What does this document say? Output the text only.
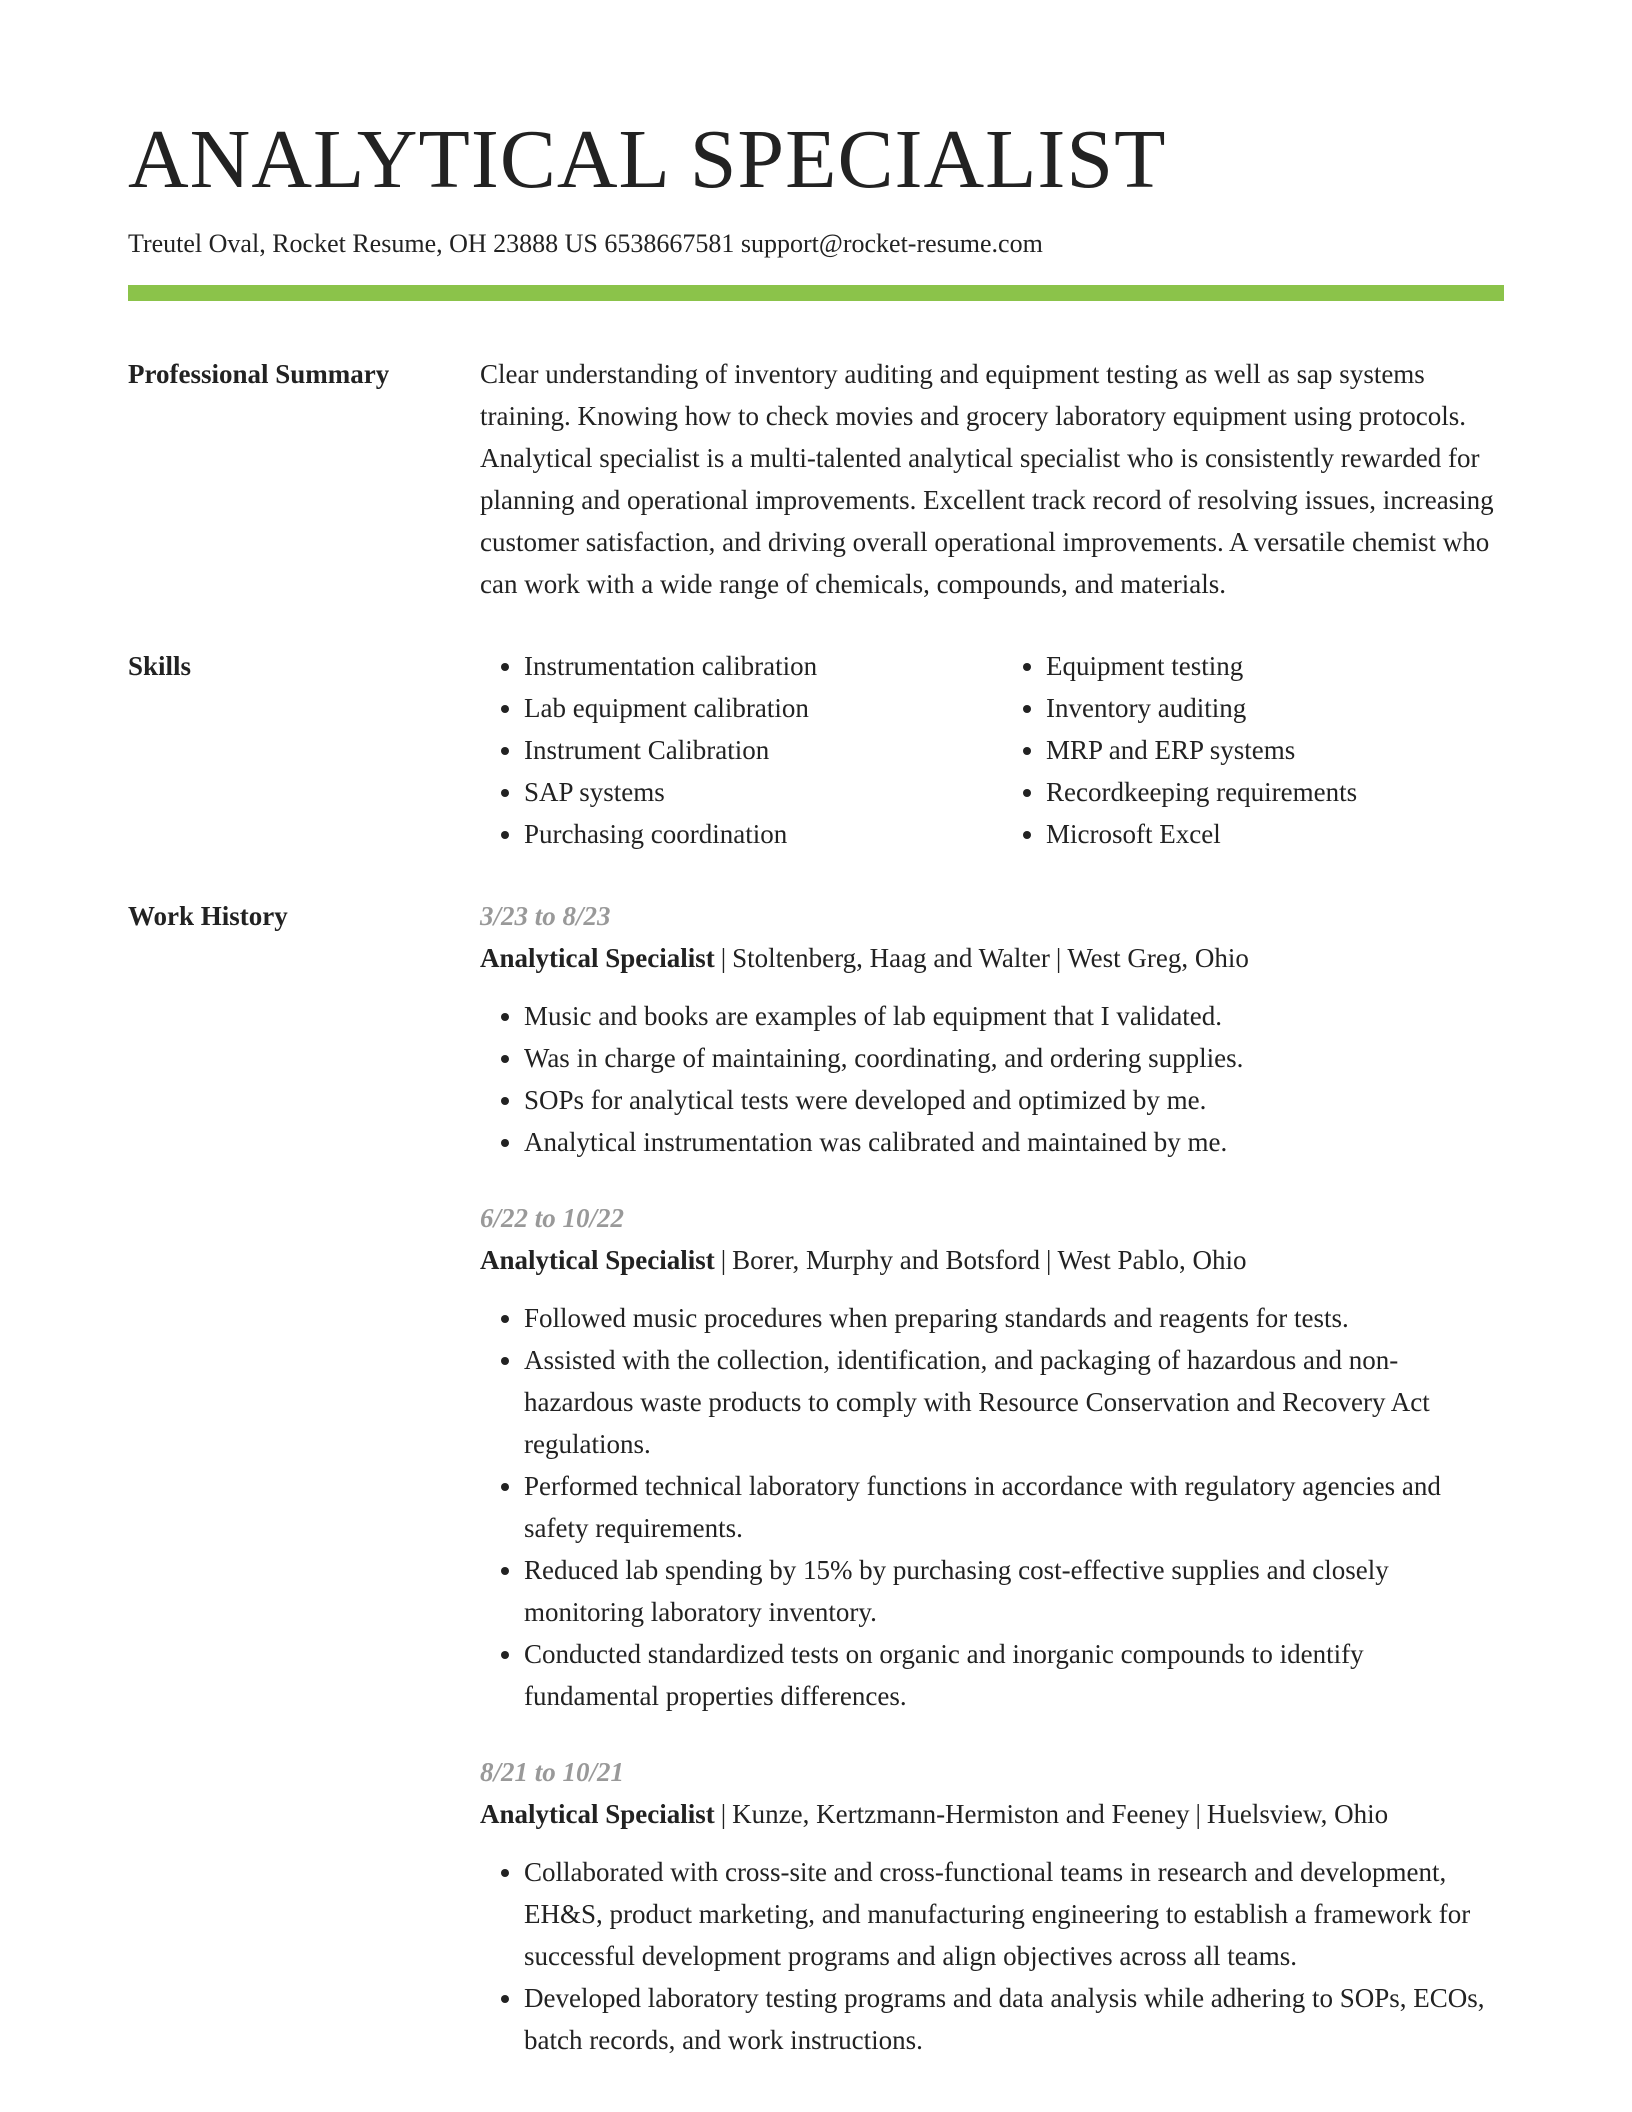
ANALYTICAL SPECIALIST
Treutel Oval, Rocket Resume, OH 23888 US 6538667581 support@rocket-resume.com
Professional Summary	Clear understanding of inventory auditing and equipment testing as well as sap systems training. Knowing how to check movies and grocery laboratory equipment using protocols. Analytical specialist is a multi-talented analytical specialist who is consistently rewarded for planning and operational improvements. Excellent track record of resolving issues, increasing customer satisfaction, and driving overall operational improvements. A versatile chemist who can work with a wide range of chemicals, compounds, and materials.

Skills
•	Instrumentation calibration
• Lab equipment calibration
• Instrument Calibration
• SAP systems
• Purchasing coordination
• Equipment testing
• Inventory auditing
• MRP and ERP systems
• Recordkeeping requirements
• Microsoft Excel
Work History	3/23 to 8/23
Analytical Specialist | Stoltenberg, Haag and Walter | West Greg, Ohio
• Music and books are examples of lab equipment that I validated.
• Was in charge of maintaining, coordinating, and ordering supplies.
• SOPs for analytical tests were developed and optimized by me.
• Analytical instrumentation was calibrated and maintained by me.
6/22 to 10/22
Analytical Specialist | Borer, Murphy and Botsford | West Pablo, Ohio
• Followed music procedures when preparing standards and reagents for tests.
• Assisted with the collection, identification, and packaging of hazardous and non-hazardous waste products to comply with Resource Conservation and Recovery Act regulations.
• Performed technical laboratory functions in accordance with regulatory agencies and safety requirements.
• Reduced lab spending by 15% by purchasing cost-effective supplies and closely monitoring laboratory inventory.
• Conducted standardized tests on organic and inorganic compounds to identify fundamental properties differences.
8/21 to 10/21
Analytical Specialist | Kunze, Kertzmann-Hermiston and Feeney | Huelsview, Ohio
• Collaborated with cross-site and cross-functional teams in research and development, EH&S, product marketing, and manufacturing engineering to establish a framework for successful development programs and align objectives across all teams.
• Developed laboratory testing programs and data analysis while adhering to SOPs, ECOs, batch records, and work instructions.
